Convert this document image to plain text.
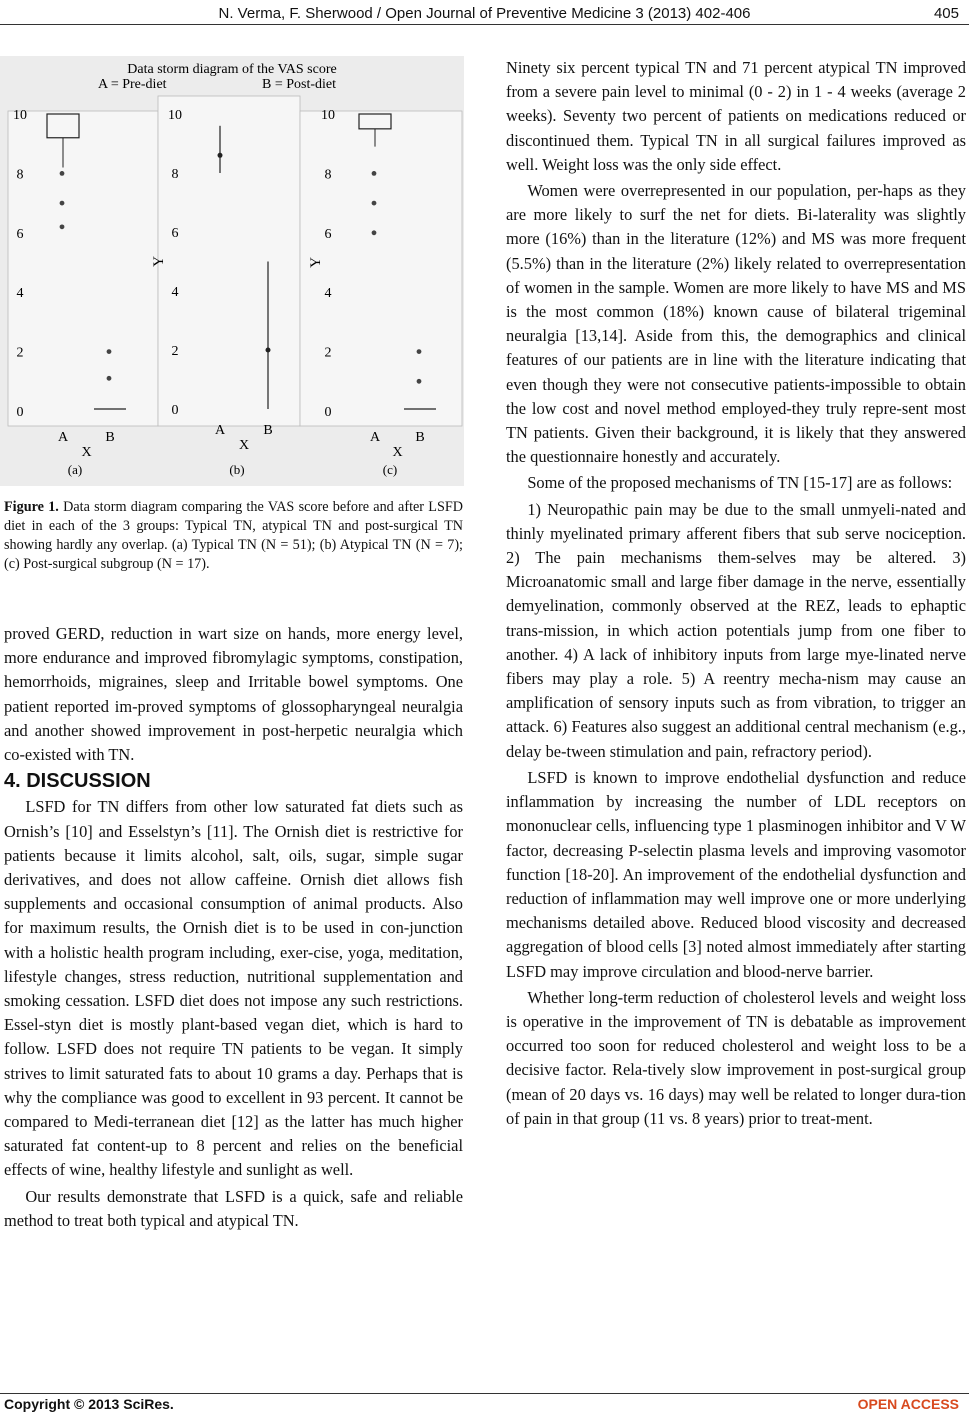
N. Verma, F. Sherwood / Open Journal of Preventive Medicine 3 (2013) 402-406	405
Data storm diagram of the VAS score
A = Pre-diet	B = Post-diet
0
2
4
6
8
10
A	B
X
(a)
0
2
4
6
8
10
Y
A	B
X
(b)
0
2
4
6
8
10
Y
A	B
X
(c)
Figure 1. Data storm diagram comparing the VAS score before and after LSFD diet in each of the 3 groups: Typical TN, atypical TN and post-surgical TN showing hardly any overlap. (a) Typical TN (N = 51); (b) Atypical TN (N = 7); (c) Post-surgical subgroup (N = 17).

proved GERD, reduction in wart size on hands, more energy level, more endurance and improved fibromylagic symptoms, constipation, hemorrhoids, migraines, sleep and Irritable bowel symptoms. One patient reported im-proved symptoms of glossopharyngeal neuralgia and another showed improvement in post-herpetic neuralgia which co-existed with TN.

4. DISCUSSION

LSFD for TN differs from other low saturated fat diets such as Ornish’s [10] and Esselstyn’s [11]. The Ornish diet is restrictive for patients because it limits alcohol, salt, oils, sugar, simple sugar derivatives, and does not allow caffeine. Ornish diet allows fish supplements and occasional consumption of animal products. Also for maximum results, the Ornish diet is to be used in con-junction with a holistic health program including, exer-cise, yoga, meditation, lifestyle changes, stress reduction, nutritional supplementation and smoking cessation. LSFD diet does not impose any such restrictions. Essel-styn diet is mostly plant-based vegan diet, which is hard to follow. LSFD does not require TN patients to be vegan. It simply strives to limit saturated fats to about 10 grams a day. Perhaps that is why the compliance was good to excellent in 93 percent. It cannot be compared to Medi-terranean diet [12] as the latter has much higher saturated fat content-up to 8 percent and relies on the beneficial effects of wine, healthy lifestyle and sunlight as well.

Our results demonstrate that LSFD is a quick, safe and reliable method to treat both typical and atypical TN.

Ninety six percent typical TN and 71 percent atypical TN improved from a severe pain level to minimal (0 - 2) in 1 - 4 weeks (average 2 weeks). Seventy two percent of patients on medications reduced or discontinued them. Typical TN in all surgical failures improved as well. Weight loss was the only side effect.

Women were overrepresented in our population, per-haps as they are more likely to surf the net for diets. Bi-laterality was slightly more (16%) than in the literature (12%) and MS was more frequent (5.5%) than in the literature (2%) likely related to overrepresentation of women in the sample. Women are more likely to have MS and MS is the most common (18%) known cause of bilateral trigeminal neuralgia [13,14]. Aside from this, the demographics and clinical features of our patients are in line with the literature indicating that even though they were not consecutive patients-impossible to obtain the low cost and novel method employed-they truly repre-sent most TN patients. Given their background, it is likely that they answered the questionnaire honestly and accurately.

Some of the proposed mechanisms of TN [15-17] are as follows:

1) Neuropathic pain may be due to the small unmyeli-nated and thinly myelinated primary afferent fibers that sub serve nociception. 2) The pain mechanisms them-selves may be altered. 3) Microanatomic small and large fiber damage in the nerve, essentially demyelination, commonly observed at the REZ, leads to ephaptic trans-mission, in which action potentials jump from one fiber to another. 4) A lack of inhibitory inputs from large mye-linated nerve fibers may play a role. 5) A reentry mecha-nism may cause an amplification of sensory inputs such as from vibration, to trigger an attack. 6) Features also suggest an additional central mechanism (e.g., delay be-tween stimulation and pain, refractory period).

LSFD is known to improve endothelial dysfunction and reduce inflammation by increasing the number of LDL receptors on mononuclear cells, influencing type 1 plasminogen inhibitor and V W factor, decreasing P-selectin plasma levels and improving vasomotor function [18-20]. An improvement of the endothelial dysfunction and reduction of inflammation may well improve one or more underlying mechanisms detailed above. Reduced blood viscosity and decreased aggregation of blood cells [3] noted almost immediately after starting LSFD may improve circulation and blood-nerve barrier.

Whether long-term reduction of cholesterol levels and weight loss is operative in the improvement of TN is debatable as improvement occurred too soon for reduced cholesterol and weight loss to be a decisive factor. Rela-tively slow improvement in post-surgical group (mean of 20 days vs. 16 days) may well be related to longer dura-tion of pain in that group (11 vs. 8 years) prior to treat-ment.

Copyright © 2013 SciRes.	OPEN ACCESS
